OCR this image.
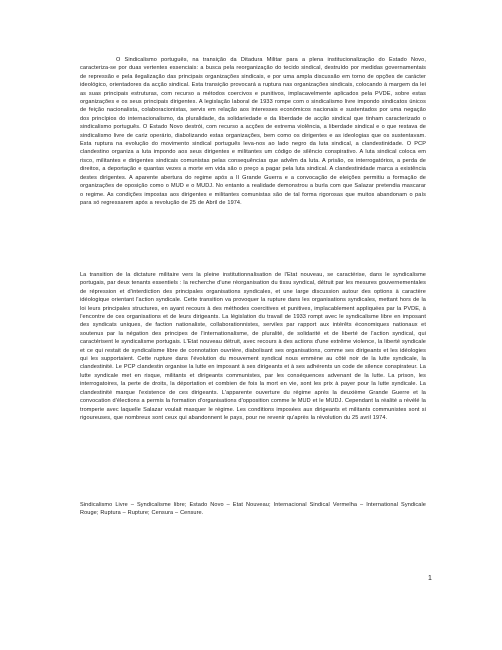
O Sindicalismo português, na transição da Ditadura Militar para a plena institucionalização do Estado Novo, caracteriza-se por duas vertentes essenciais: a busca pela reorganização do tecido sindical, destruído por medidas governamentais de repressão e pela ilegalização das principais organizações sindicais, e por uma ampla discussão em torno de opções de carácter ideológico, orientadores da acção sindical. Esta transição provocará a ruptura nas organizações sindicais, colocando à margem da lei as suas principais estruturas, com recurso a métodos coercivos e punitivos, implacavelmente aplicados pela PVDE, sobre estas organizações e os seus principais dirigentes. A legislação laboral de 1933 rompe com o sindicalismo livre impondo sindicatos únicos de feição nacionalista, colaboracionistas, servis em relação aos interesses económicos nacionais e sustentados por uma negação dos princípios do internacionalismo, da pluralidade, da solidariedade e da liberdade de acção sindical que tinham caracterizado o sindicalismo português. O Estado Novo destrói, com recurso a acções de extrema violência, a liberdade sindical e o que restava de sindicalismo livre de cariz operário, diabolizando estas organizações, bem como os dirigentes e as ideologias que os sustentavam. Esta ruptura na evolução do movimento sindical português leva-nos ao lado negro da luta sindical, a clandestinidade. O PCP clandestino organiza a luta impondo aos seus dirigentes e militantes um código de silêncio conspirativo. A luta sindical coloca em risco, militantes e dirigentes sindicais comunistas pelas consequências que advêm da luta. A prisão, os interrogatórios, a perda de direitos, a deportação e quantas vezes a morte em vida são o preço a pagar pela luta sindical. A clandestinidade marca a existência destes dirigentes. A aparente abertura do regime após a II Grande Guerra e a convocação de eleições permitiu a formação de organizações de oposição como o MUD e o MUDJ. No entanto a realidade demonstrou a burla com que Salazar pretendia mascarar o regime. As condições impostas aos dirigentes e militantes comunistas são de tal forma rigorosas que muitos abandonam o país para só regressarem após a revolução de 25 de Abril de 1974.

La transition de la dictature militaire vers la pleine institutionnalisation de l'Etat nouveau, se caractérise, dans le syndicalisme portugais, par deux tenants essentiels : la recherche d'une réorganisation du tissu syndical, détruit par les mesures gouvernementales de répression et d'interdiction des principales organisations syndicales, et une large discussion autour des options à caractère idéologique orientant l'action syndicale. Cette transition va provoquer la rupture dans les organisations syndicales, mettant hors de la loi leurs principales structures, en ayant recours à des méthodes coercitives et punitives, implacablement appliquées par la PVDE, à l'encontre de ces organisations et de leurs dirigeants. La législation du travail de 1933 rompt avec le syndicalisme libre en imposant des syndicats uniques, de faction nationaliste, collaborationnistes, serviles par rapport aux intérêts économiques nationaux et soutenus par la négation des principes de l'internationalisme, de pluralité, de solidarité et de liberté de l'action syndical, qui caractérisent le syndicalisme portugais. L'Etat nouveau détruit, avec recours à des actions d'une extrême violence, la liberté syndicale et ce qui restait de syndicalisme libre de connotation ouvrière, diabolisant ses organisations, comme ses dirigeants et les idéologies qui les supportaient. Cette rupture dans l'évolution du mouvement syndical nous emmène au côté noir de la lutte syndicale, la clandestinité. Le PCP clandestin organise la lutte en imposant à ses dirigeants et à ses adhérents un code de silence conspirateur. La lutte syndicale met en risque, militants et dirigeants communistes, par les conséquences advenant de la lutte. La prison, les interrogatoires, la perte de droits, la déportation et combien de fois la mort en vie, sont les prix à payer pour la lutte syndicale. La clandestinité marque l'existence de ces dirigeants. L'apparente ouverture du régime après la deuxième Grande Guerre et la convocation d'élections a permis la formation d'organisations d'opposition comme le MUD et le MUDJ. Cependant la réalité a révélé la tromperie avec laquelle Salazar voulait masquer le régime. Les conditions imposées aux dirigeants et militants communistes sont si rigoureuses, que nombreux sont ceux qui abandonnent le pays, pour ne revenir qu'après la révolution du 25 avril 1974.

Sindicalismo Livre – Syndicalisme libre; Estado Novo – Etat Nouveau; Internacional Sindical Vermelha – International Syndicale Rouge; Ruptura – Rupture; Censura – Censure.

1
